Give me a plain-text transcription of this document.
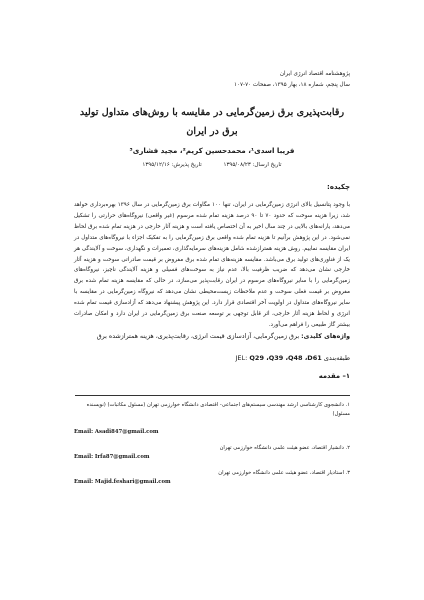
پژوهشنامه اقتصاد انرژی ایران
سال پنجم، شماره ۱۸، بهار ۱۳۹۵، صفحات ۷۰-۱۰۷
رقابت‌پذیری برق زمین‌گرمایی در مقایسه با روش‌های متداول تولید
برق در ایران
فریبا اسدی¹، محمدحسین کریم²، مجید فشاری³
تاریخ ارسال: ۱۳۹۵/۰۸/۲۳ تاریخ پذیرش: ۱۳۹۵/۱۲/۱۶
چکیده:
با وجود پتانسیل بالای انرژی زمین‌گرمایی در ایران، تنها ۱۰۰ مگاوات برق زمین‌گرمایی در سال ۱۳۹۶ بهره‌برداری خواهد شد، زیرا هزینه سوخت که حدود ۷۰ تا ۹۰ درصد هزینه تمام شده مرسوم (غیر واقعی) نیروگاه‌های حرارتی را تشکیل می‌دهد، یارانه‌های بالایی در چند سال اخیر به آن اختصاص یافته است و هزینه آثار خارجی در هزینه تمام شده برق لحاظ نمی‌شود. در این پژوهش برآنیم تا هزینه تمام شده واقعی برق زمین‌گرمایی را به تفکیک اجزاء با نیروگاه‌های متداول در ایران مقایسه نماییم. روش هزینه همترازشده شامل هزینه‌های سرمایه‌گذاری، تعمیرات و نگهداری، سوخت و آلایندگی هر یک از فناوری‌های تولید برق می‌باشد. مقایسه هزینه‌های تمام شده برق مفروض بر قیمت صادراتی سوخت و هزینه آثار خارجی نشان می‌دهد که ضریب ظرفیت بالا، عدم نیاز به سوخت‌های فسیلی و هزینه آلایندگی ناچیز، نیروگاه‌های زمین‌گرمایی را با سایر نیروگاه‌های مرسوم در ایران رقابت‌پذیر می‌سازد، در حالی که مقایسه هزینه تمام شده برق مفروض بر قیمت فعلی سوخت و عدم ملاحظات زیست‌محیطی نشان می‌دهد که نیروگاه زمین‌گرمایی در مقایسه با سایر نیروگاه‌های متداول در اولویت آخر اقتصادی قرار دارد. این پژوهش پیشنهاد می‌دهد که آزادسازی قیمت تمام شده انرژی و لحاظ هزینه آثار خارجی، اثر قابل توجهی بر توسعه صنعت برق زمین‌گرمایی در ایران دارد و امکان صادرات بیشتر گاز طبیعی را فراهم می‌آورد.
واژه‌های کلیدی: برق زمین‌گرمایی، آزادسازی قیمت انرژی، رقابت‌پذیری، هزینه همترازشده برق
طبقه‌بندی JEL: Q29 ،Q39 ،Q48 ،D61
۱– مقدمه
۱. دانشجوی کارشناسی ارشد مهندسی سیستم‌های اجتماعی- اقتصادی دانشگاه خوارزمی تهران (مسئول مکاتبات) (نویسنده مسئول)
Email: Asadi847@gmail.com
۲. دانشیار اقتصاد، عضو هیئت علمی دانشگاه خوارزمی تهران
Email: Irfa87@gmail.com
۳. استادیار اقتصاد، عضو هیئت علمی دانشگاه خوارزمی تهران
Email: Majid.feshari@gmail.com
